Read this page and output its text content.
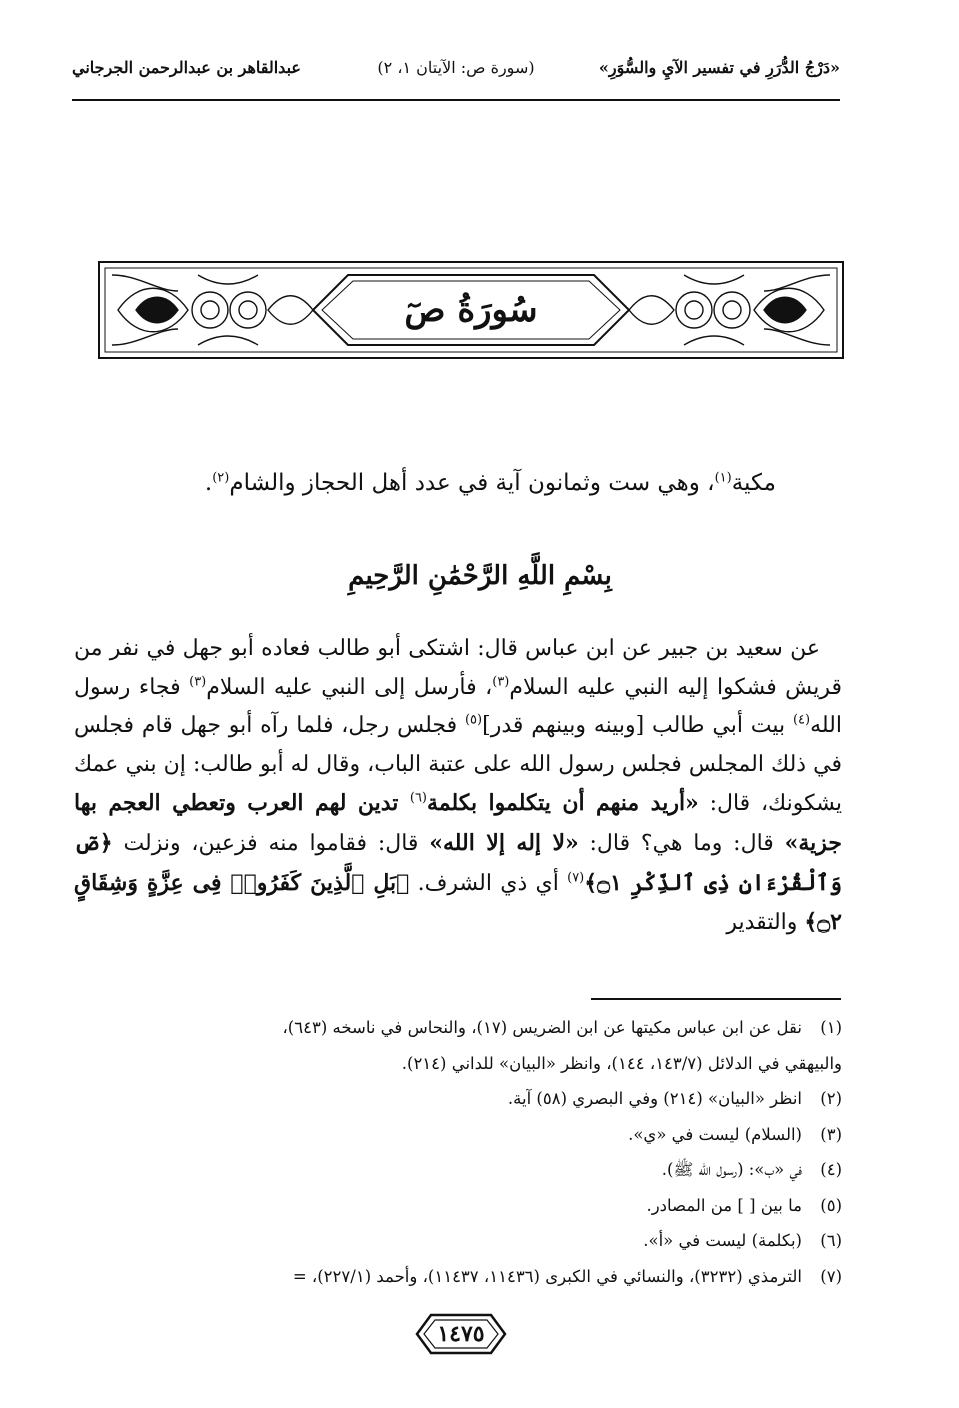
«دَرْجُ الدُّرَرِ في تفسير الآيِ والسُّوَرِ»
(سورة ص: الآيتان ١، ٢)
عبدالقاهر بن عبدالرحمن الجرجاني
سُورَةُ صٓ
مكية$^{(١)}$، وهي ست وثمانون آية في عدد أهل الحجاز والشام$^{(٢)}$.
بِسْمِ اللَّهِ الرَّحْمَٰنِ الرَّحِيمِ

 عن سعيد بن جبير عن ابن عباس قال: اشتكى أبو طالب فعاده أبو جهل في نفر من قريش فشكوا إليه النبي عليه السلام$^{(٣)}$، فأرسل إلى النبي عليه السلام$^{(٣)}$ فجاء رسول الله$^{(٤)}$ بيت أبي طالب [وبينه وبينهم قدر]$^{(٥)}$ فجلس رجل، فلما رآه أبو جهل قام فجلس في ذلك المجلس فجلس رسول الله على عتبة الباب، وقال له أبو طالب: إن بني عمك يشكونك، قال: «أريد منهم أن يتكلموا بكلمة$^{(٦)}$ تدين لهم العرب وتعطي العجم بها جزية» قال: وما هي؟ قال: «لا إله إلا الله» قال: فقاموا منه فزعين، ونزلت ﴿صٓ وَٱلْقُرْءَانِ ذِى ٱلذِّكْرِ ۝١﴾$^{(٧)}$ أي ذي الشرف. ﴿بَلِ ٱلَّذِينَ كَفَرُوا۟ فِى عِزَّةٍ وَشِقَاقٍ ۝٢﴾ والتقدير

(١)نقل عن ابن عباس مكيتها عن ابن الضريس (١٧)، والنحاس في ناسخه (٦٤٣)،

والبيهقي في الدلائل (١٤٣/٧، ١٤٤)، وانظر «البيان» للداني (٢١٤).

(٢)انظر «البيان» (٢١٤) وفي البصري (٥٨) آية.

(٣)(السلام) ليست في «ي».

(٤)في «ب»: (رسول الله ﷺ).

(٥)ما بين [ ] من المصادر.

(٦)(بكلمة) ليست في «أ».

(٧)الترمذي (٣٢٣٢)، والنسائي في الكبرى (١١٤٣٦، ١١٤٣٧)، وأحمد (٢٢٧/١)، =

١٤٧٥
